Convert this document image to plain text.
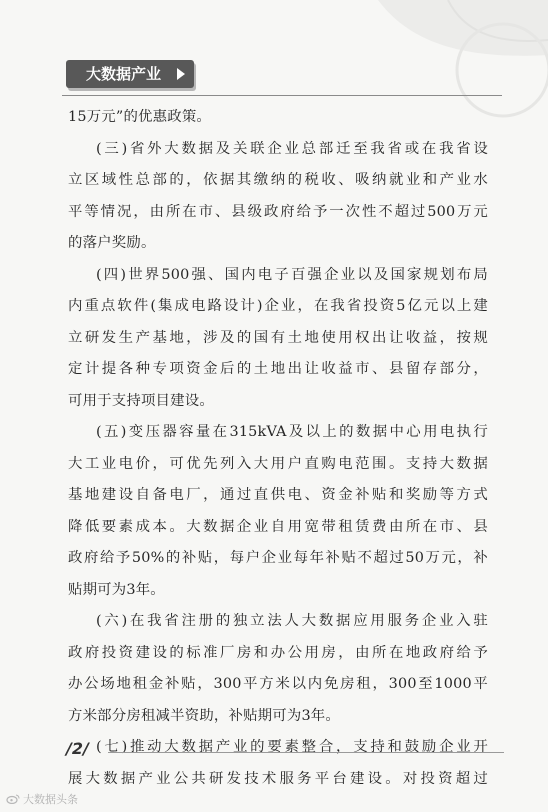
大数据产业
15万元”的优惠政策。
(三)省外大数据及关联企业总部迁至我省或在我省设
立区域性总部的，依据其缴纳的税收、吸纳就业和产业水
平等情况，由所在市、县级政府给予一次性不超过500万元
的落户奖励。
(四)世界500强、国内电子百强企业以及国家规划布局
内重点软件(集成电路设计)企业，在我省投资5亿元以上建
立研发生产基地，涉及的国有土地使用权出让收益，按规
定计提各种专项资金后的土地出让收益市、县留存部分，
可用于支持项目建设。
(五)变压器容量在315kVA及以上的数据中心用电执行
大工业电价，可优先列入大用户直购电范围。支持大数据
基地建设自备电厂，通过直供电、资金补贴和奖励等方式
降低要素成本。大数据企业自用宽带租赁费由所在市、县
政府给予50%的补贴，每户企业每年补贴不超过50万元，补
贴期可为3年。
(六)在我省注册的独立法人大数据应用服务企业入驻
政府投资建设的标准厂房和办公用房，由所在地政府给予
办公场地租金补贴，300平方米以内免房租，300至1000平
方米部分房租减半资助，补贴期可为3年。
(七)推动大数据产业的要素整合，支持和鼓励企业开
展大数据产业公共研发技术服务平台建设。对投资超过
/2/
大数据头条
